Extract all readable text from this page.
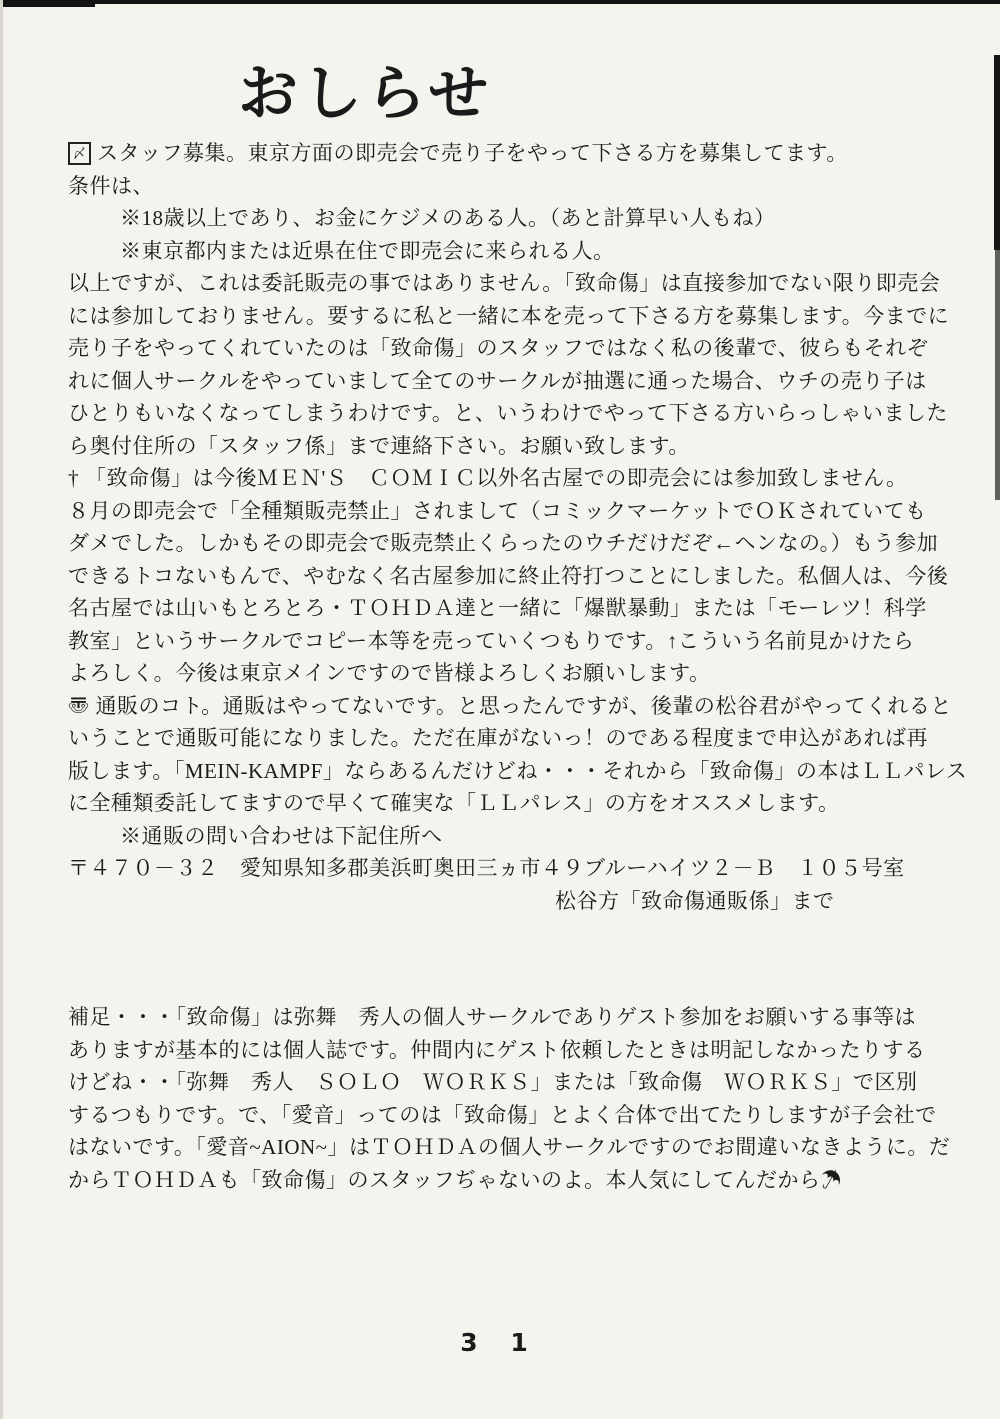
おしらせ
〆 スタッフ募集。東京方面の即売会で売り子をやって下さる方を募集してます。
条件は、
※18歳以上であり、お金にケジメのある人。（あと計算早い人もね）
※東京都内または近県在住で即売会に来られる人。
以上ですが、これは委託販売の事ではありません。「致命傷」は直接参加でない限り即売会
には参加しておりません。要するに私と一緒に本を売って下さる方を募集します。今までに
売り子をやってくれていたのは「致命傷」のスタッフではなく私の後輩で、彼らもそれぞ
れに個人サークルをやっていまして全てのサークルが抽選に通った場合、ウチの売り子は
ひとりもいなくなってしまうわけです。と、いうわけでやって下さる方いらっしゃいました
ら奥付住所の「スタッフ係」まで連絡下さい。お願い致します。
† 「致命傷」は今後ＭＥＮ'Ｓ　ＣＯＭＩＣ以外名古屋での即売会には参加致しません。
８月の即売会で「全種類販売禁止」されまして（コミックマーケットでＯＫされていても
ダメでした。しかもその即売会で販売禁止くらったのウチだけだぞ←ヘンなの。）もう参加
できるトコないもんで、やむなく名古屋参加に終止符打つことにしました。私個人は、今後
名古屋では山いもとろとろ・ＴＯＨＤＡ達と一緒に「爆獣暴動」または「モーレツ！科学
教室」というサークルでコピー本等を売っていくつもりです。↑こういう名前見かけたら
よろしく。今後は東京メインですので皆様よろしくお願いします。
〠 通販のコト。通販はやってないです。と思ったんですが、後輩の松谷君がやってくれると
いうことで通販可能になりました。ただ在庫がないっ！のである程度まで申込があれば再
版します。「MEIN-KAMPF」ならあるんだけどね・・・それから「致命傷」の本はＬＬパレス
に全種類委託してますので早くて確実な「ＬＬパレス」の方をオススメします。
※通販の問い合わせは下記住所へ
〒４７０－３２　愛知県知多郡美浜町奥田三ヵ市４９ブルーハイツ２－Ｂ　１０５号室
松谷方「致命傷通販係」まで
補足・・・「致命傷」は弥舞　秀人の個人サークルでありゲスト参加をお願いする事等は
ありますが基本的には個人誌です。仲間内にゲスト依頼したときは明記しなかったりする
けどね・・「弥舞　秀人　ＳＯＬＯ　ＷＯＲＫＳ」または「致命傷　ＷＯＲＫＳ」で区別
するつもりです。で、「愛音」ってのは「致命傷」とよく合体で出てたりしますが子会社で
はないです。「愛音~AION~」はＴＯＨＤＡの個人サークルですのでお間違いなきように。だ
からＴＯＨＤＡも「致命傷」のスタッフぢゃないのよ。本人気にしてんだから☂
3 1
